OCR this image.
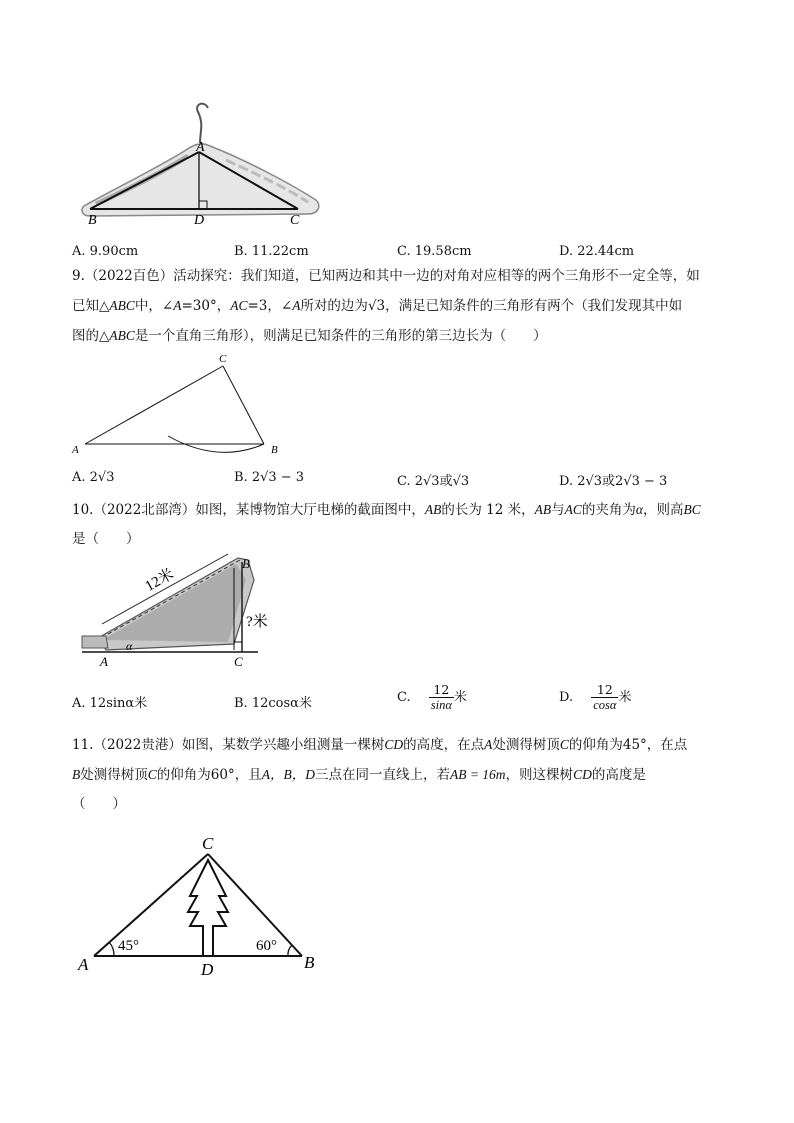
A
B	D	C
A. 9.90cm	B. 11.22cm	C. 19.58cm	D. 22.44cm
9.（2022百色）活动探究：我们知道，已知两边和其中一边的对角对应相等的两个三角形不一定全等，如
已知△ABC中，∠A=30°，AC=3，∠A所对的边为√3，满足已知条件的三角形有两个（我们发现其中如
图的△ABC是一个直角三角形），则满足已知条件的三角形的第三边长为（　　）
C
A	B
A. 2√3	B. 2√3 − 3	C. 2√3或√3	D. 2√3或2√3 − 3
10.（2022北部湾）如图，某博物馆大厅电梯的截面图中，AB的长为 12 米，AB与AC的夹角为α，则高BC
是（　　）
12米
?米
B
A	C
α
A. 12sinα米	B. 12cosα米	C. $\frac{12}{\sin\alpha}$ 米	D. $\frac{12}{\cos\alpha}$ 米
11.（2022贵港）如图，某数学兴趣小组测量一棵树CD的高度，在点A处测得树顶C的仰角为45°，在点
B处测得树顶C的仰角为60°，且A，B，D三点在同一直线上，若AB = 16m，则这棵树CD的高度是
（　　）
45°	60°
C
A	D	B
